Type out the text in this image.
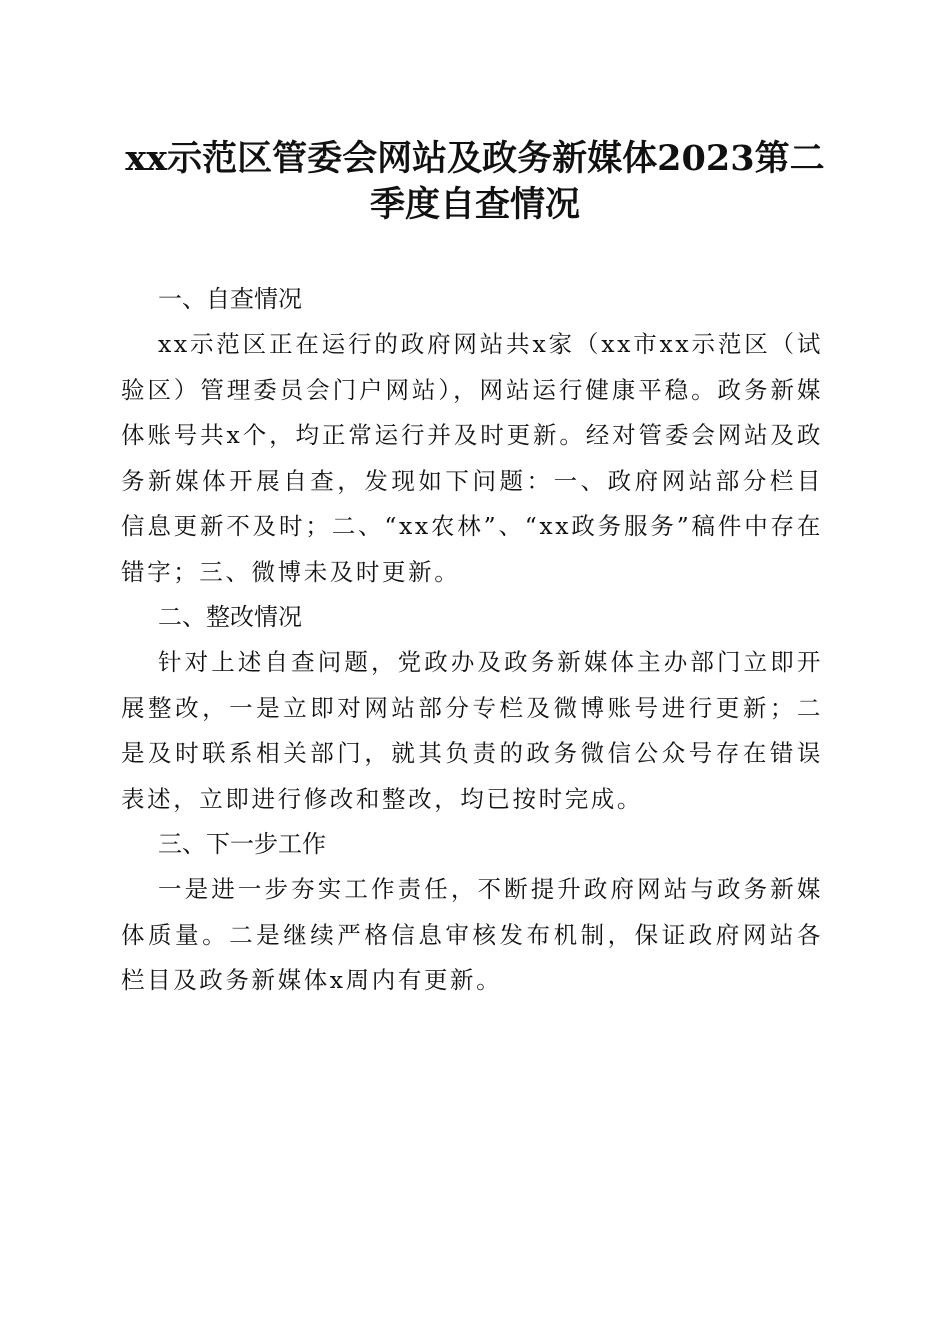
xx示范区管委会网站及政务新媒体2023第二
季度自查情况
一、自查情况

xx示范区正在运行的政府网站共x家（xx市xx示范区（试验区）管理委员会门户网站），网站运行健康平稳。政务新媒体账号共x个，均正常运行并及时更新。经对管委会网站及政务新媒体开展自查，发现如下问题：一、政府网站部分栏目信息更新不及时；二、“xx农林”、“xx政务服务”稿件中存在错字；三、微博未及时更新。

二、整改情况

针对上述自查问题，党政办及政务新媒体主办部门立即开展整改，一是立即对网站部分专栏及微博账号进行更新；二是及时联系相关部门，就其负责的政务微信公众号存在错误表述，立即进行修改和整改，均已按时完成。

三、下一步工作

一是进一步夯实工作责任，不断提升政府网站与政务新媒体质量。二是继续严格信息审核发布机制，保证政府网站各栏目及政务新媒体x周内有更新。
